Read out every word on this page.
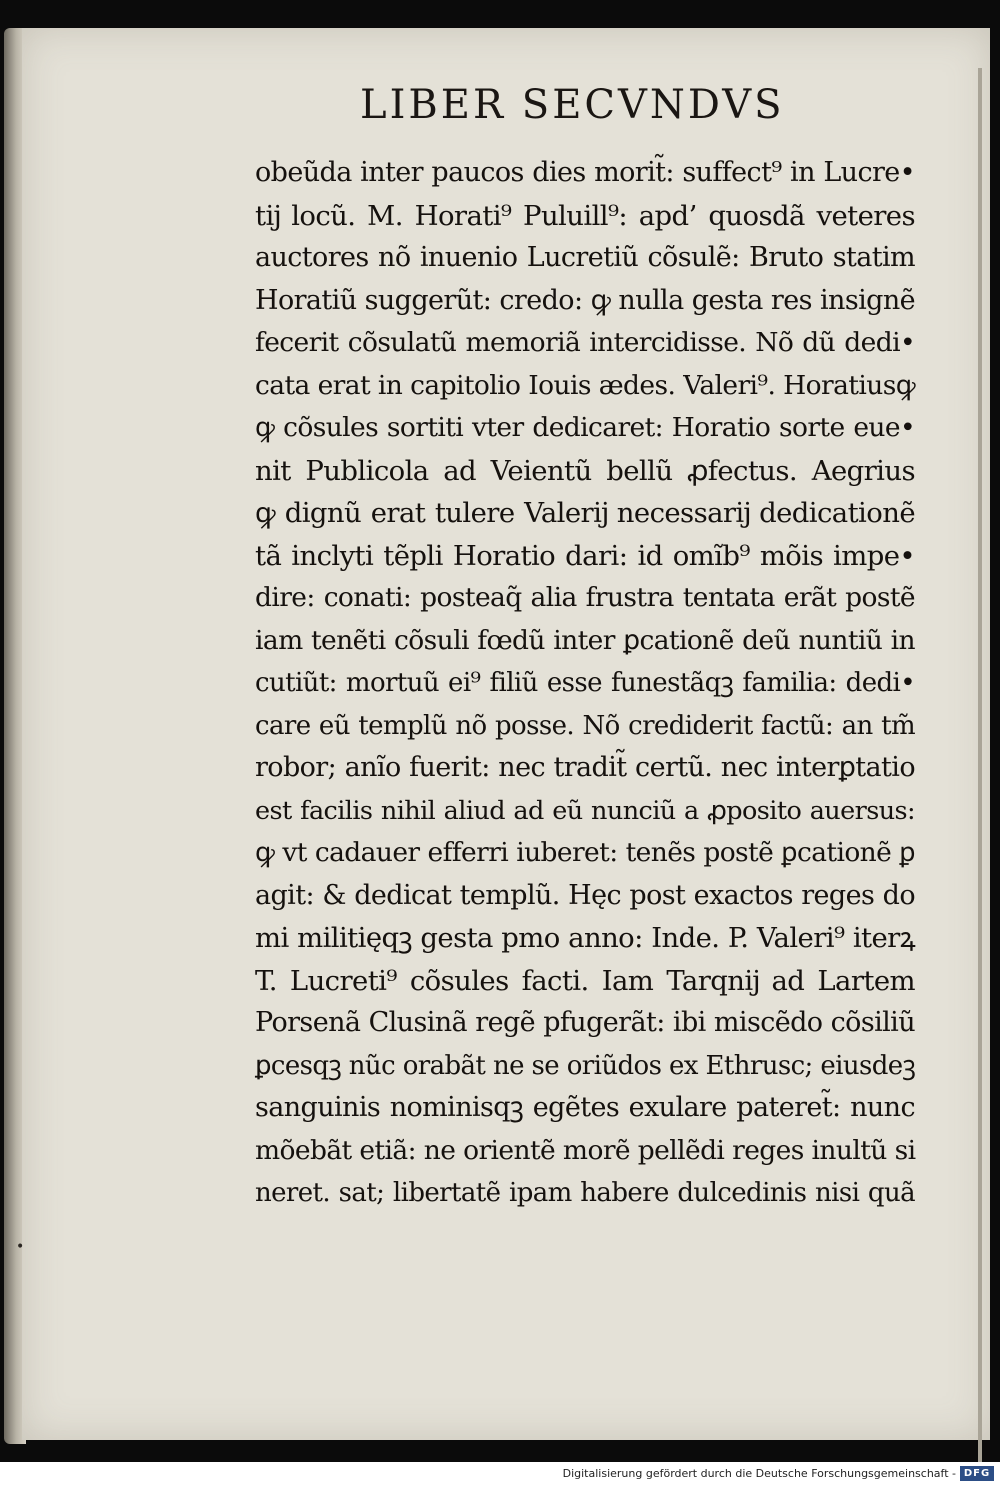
LIBER SECVNDVS
obeũda inter paucos dies morit̃: suffect⁹ in Lucre•
tĳ locũ. M. Horati⁹ Puluill⁹: apd’ quosdã veteres
auctores nõ inuenio Lucretiũ cõsulẽ: Bruto statim
Horatiũ suggerũt: credo: ꝙ nulla gesta res insignẽ
fecerit cõsulatũ memoriã intercidisse. Nõ dũ dedi•
cata erat in capitolio Iouis ædes. Valeri⁹. Horatiusꝙ
ꝙ cõsules sortiti vter dedicaret: Horatio sorte eue•
nit Publicola ad Veientũ bellũ ꝓfectus. Aegrius
ꝙ dignũ erat tulere Valerĳ necessarĳ dedicationẽ
tã inclyti tẽpli Horatio dari: id omĩb⁹ mõis impe•
dire: conati: posteaq̃ alia frustra tentata erãt postẽ
iam tenẽti cõsuli fœdũ inter ꝑcationẽ deũ nuntiũ in
cutiũt: mortuũ ei⁹ filiũ esse funestãqꝫ familia: dedi•
care eũ templũ nõ posse. Nõ crediderit factũ: an tm̃
robor; anĩo fuerit: nec tradit̃ certũ. nec interꝑtatio
est facilis nihil aliud ad eũ nunciũ a ꝓposito auersus:
ꝙ vt cadauer efferri iuberet: tenẽs postẽ ꝑcationẽ ꝑ
agit: & dedicat templũ. Hęc post exactos reges do
mi militięqꝫ gesta pmo anno: Inde. P. Valeri⁹ iterꝝ
T. Lucreti⁹ cõsules facti. Iam Tarqnĳ ad Lartem
Porsenã Clusinã regẽ pfugerãt: ibi miscẽdo cõsiliũ
ꝑcesqꝫ nũc orabãt ne se oriũdos ex Ethrusc; eiusdeꝫ
sanguinis nominisqꝫ egẽtes exulare pateret̃: nunc
mõebãt etiã: ne orientẽ morẽ pellẽdi reges inultũ si
neret. sat; libertatẽ ipam habere dulcedinis nisi quã
•
Digitalisierung gefördert durch die Deutsche Forschungsgemeinschaft - DFG
